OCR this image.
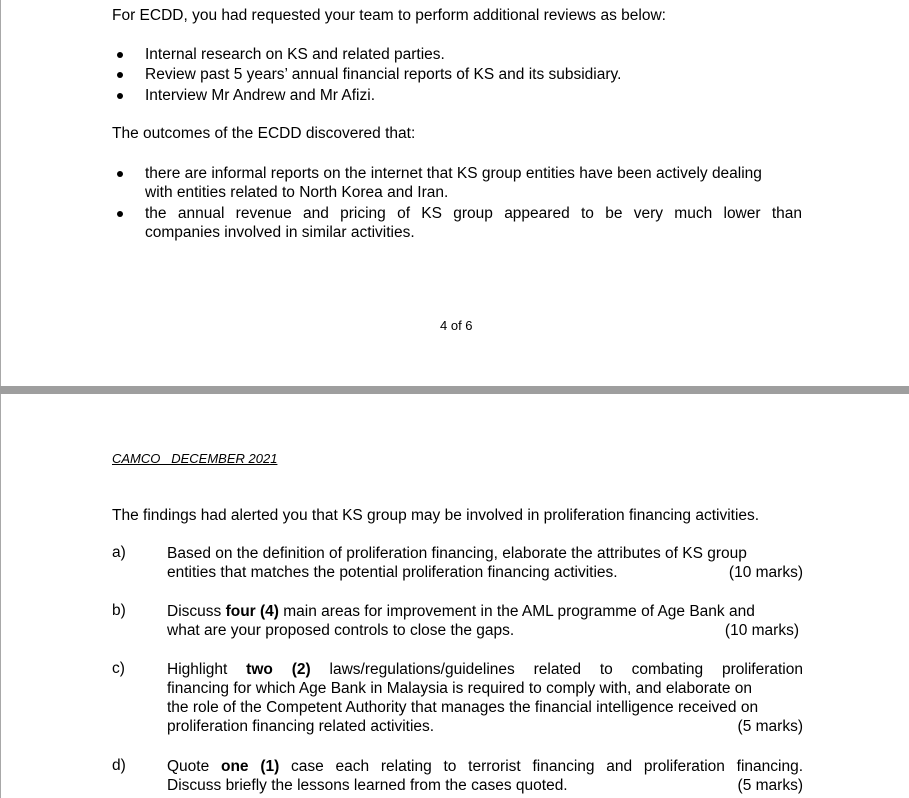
For ECDD, you had requested your team to perform additional reviews as below:
Internal research on KS and related parties.
Review past 5 years’ annual financial reports of KS and its subsidiary.
Interview Mr Andrew and Mr Afizi.
The outcomes of the ECDD discovered that:
there are informal reports on the internet that KS group entities have been actively dealing
with entities related to North Korea and Iran.
the annual revenue and pricing of KS group appeared to be very much lower than
companies involved in similar activities.
4 of 6
CAMCO   DECEMBER 2021
The findings had alerted you that KS group may be involved in proliferation financing activities.
a)	Based on the definition of proliferation financing, elaborate the attributes of KS group
entities that matches the potential proliferation financing activities.	(10 marks)
b)	Discuss four (4) main areas for improvement in the AML programme of Age Bank and
what are your proposed controls to close the gaps.	(10 marks)
c)	Highlight two (2) laws/regulations/guidelines related to combating proliferation
financing for which Age Bank in Malaysia is required to comply with, and elaborate on
the role of the Competent Authority that manages the financial intelligence received on
proliferation financing related activities.	(5 marks)
d)	Quote one (1) case each relating to terrorist financing and proliferation financing.
Discuss briefly the lessons learned from the cases quoted.	(5 marks)
